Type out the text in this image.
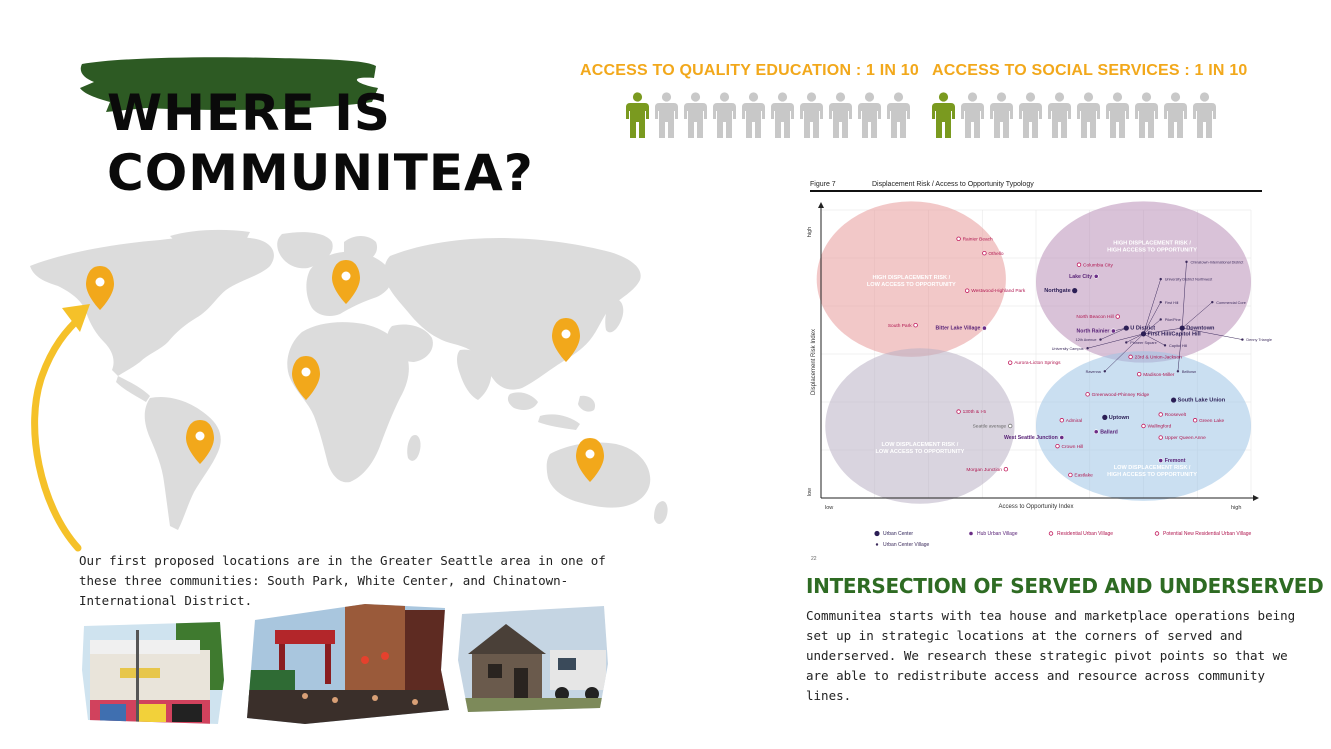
WHERE IS
COMMUNITEA?
ACCESS TO QUALITY EDUCATION : 1 IN 10 ACCESS TO SOCIAL SERVICES : 1 IN 10

Our first proposed locations are in the Greater Seattle area in one of these three communities: South Park, White Center, and Chinatown-International District.

Figure 7	Displacement Risk / Access to Opportunity Typology
high
low
Displacement Risk Index
Access to Opportunity Index
low	high
22
Rainier Beach
Othello
Westwood-Highland Park
South Park	Bitter Lake Village
Columbia City
Lake City
Northgate
University District Northwest
Chinatown-International District
First Hill	Commercial Core
North Beacon Hill	Pike/Pine
North Rainier	U District
First Hill/Capitol Hill
Downtown
Denny Triangle
12th Avenue
Pioneer Square
Capitol Hill
University Campus
23rd & Union-Jackson
Aurora-Licton Springs
Ravenna
Madison-Miller
Belltown
Greenwood-Phinney Ridge
South Lake Union
130th & I-5
Admiral
Uptown	Roosevelt
Green Lake
Wallingford
Seattle average
West Seattle Junction
Ballard
Upper Queen Anne
Crown Hill
Morgan Junction
Fremont
Eastlake
HIGH DISPLACEMENT RISK /
LOW ACCESS TO OPPORTUNITY
HIGH DISPLACEMENT RISK /
HIGH ACCESS TO OPPORTUNITY
LOW DISPLACEMENT RISK /
LOW ACCESS TO OPPORTUNITY
LOW DISPLACEMENT RISK /
HIGH ACCESS TO OPPORTUNITY
Urban Center
Urban Center Village
Hub Urban Village	Residential Urban Village	Potential New Residential Urban Village
INTERSECTION OF SERVED AND UNDERSERVED

Communitea starts with tea house and marketplace operations being set up in strategic locations at the corners of served and underserved. We research these strategic pivot points so that we are able to redistribute access and resource across community lines.
